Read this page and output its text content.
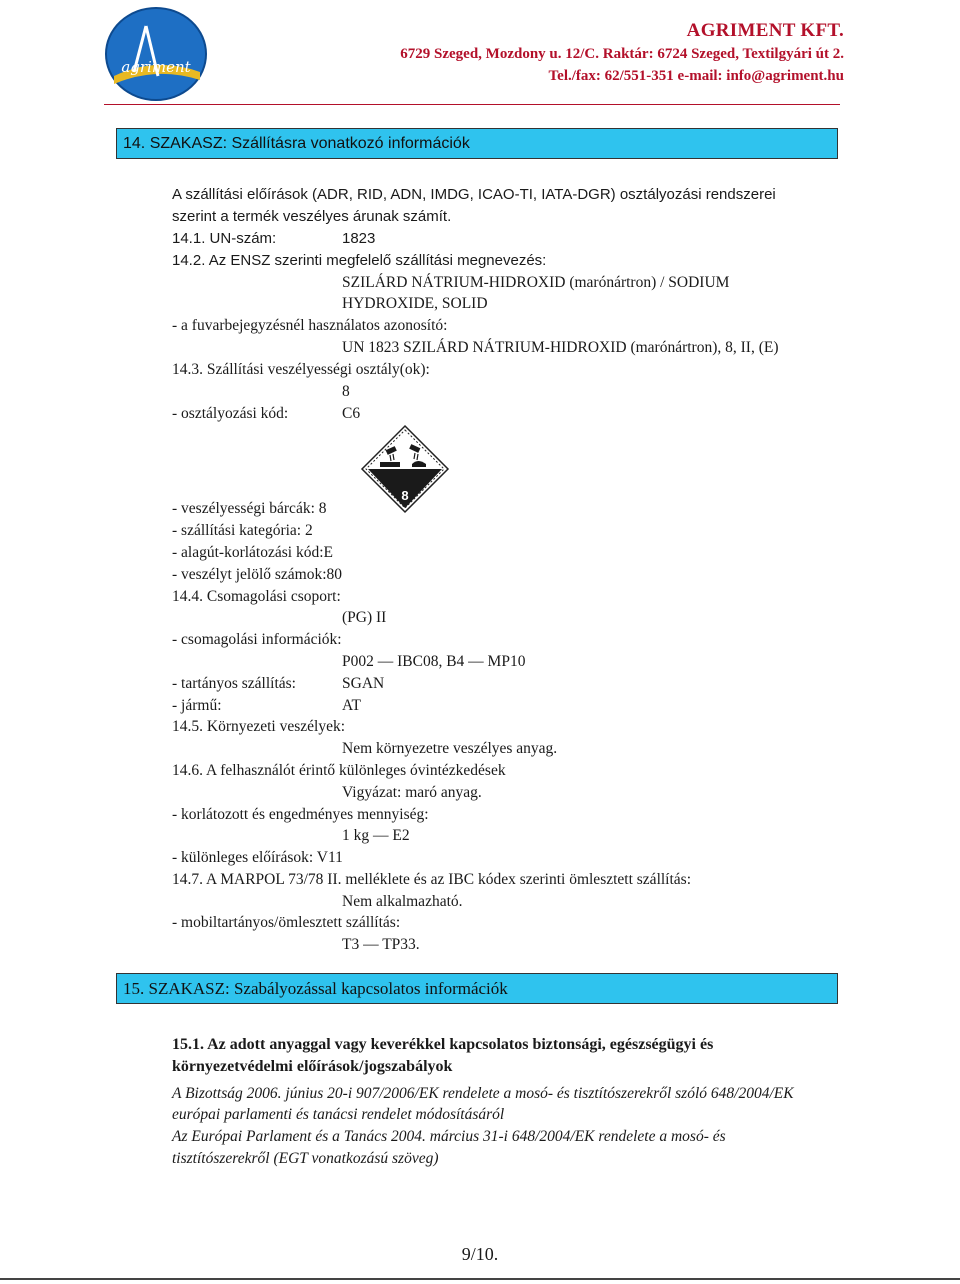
agriment
AGRIMENT KFT.
6729 Szeged, Mozdony u. 12/C. Raktár: 6724 Szeged, Textilgyári út 2.
Tel./fax: 62/551-351 e-mail: info@agriment.hu
14. SZAKASZ: Szállításra vonatkozó információk
A szállítási előírások (ADR, RID, ADN, IMDG, ICAO-TI, IATA-DGR) osztályozási rendszerei
szerint a termék veszélyes árunak számít.
14.1. UN-szám:	1823
14.2. Az ENSZ szerinti megfelelő szállítási megnevezés:
SZILÁRD NÁTRIUM-HIDROXID (marónártron) / SODIUM
HYDROXIDE, SOLID
- a fuvarbejegyzésnél használatos azonosító:
UN 1823 SZILÁRD NÁTRIUM-HIDROXID (marónártron), 8, II, (E)
14.3. Szállítási veszélyességi osztály(ok):
8
- osztályozási kód:	C6
8
- veszélyességi bárcák: 8
- szállítási kategória: 2
- alagút-korlátozási kód:E
- veszélyt jelölő számok:80
14.4. Csomagolási csoport:
(PG) II
- csomagolási információk:
P002 — IBC08, B4 — MP10
- tartányos szállítás:	SGAN
- jármű:	AT
14.5. Környezeti veszélyek:
Nem környezetre veszélyes anyag.
14.6. A felhasználót érintő különleges óvintézkedések
Vigyázat: maró anyag.
- korlátozott és engedményes mennyiség:
1 kg — E2
- különleges előírások: V11
14.7. A MARPOL 73/78 II. melléklete és az IBC kódex szerinti ömlesztett szállítás:
Nem alkalmazható.
- mobiltartányos/ömlesztett szállítás:
T3 — TP33.
15. SZAKASZ: Szabályozással kapcsolatos információk
15.1. Az adott anyaggal vagy keverékkel kapcsolatos biztonsági, egészségügyi és
környezetvédelmi előírások/jogszabályok
A Bizottság 2006. június 20-i 907/2006/EK rendelete a mosó- és tisztítószerekről szóló 648/2004/EK
európai parlamenti és tanácsi rendelet módosításáról
Az Európai Parlament és a Tanács 2004. március 31-i 648/2004/EK rendelete a mosó- és
tisztítószerekről (EGT vonatkozású szöveg)
9/10.
